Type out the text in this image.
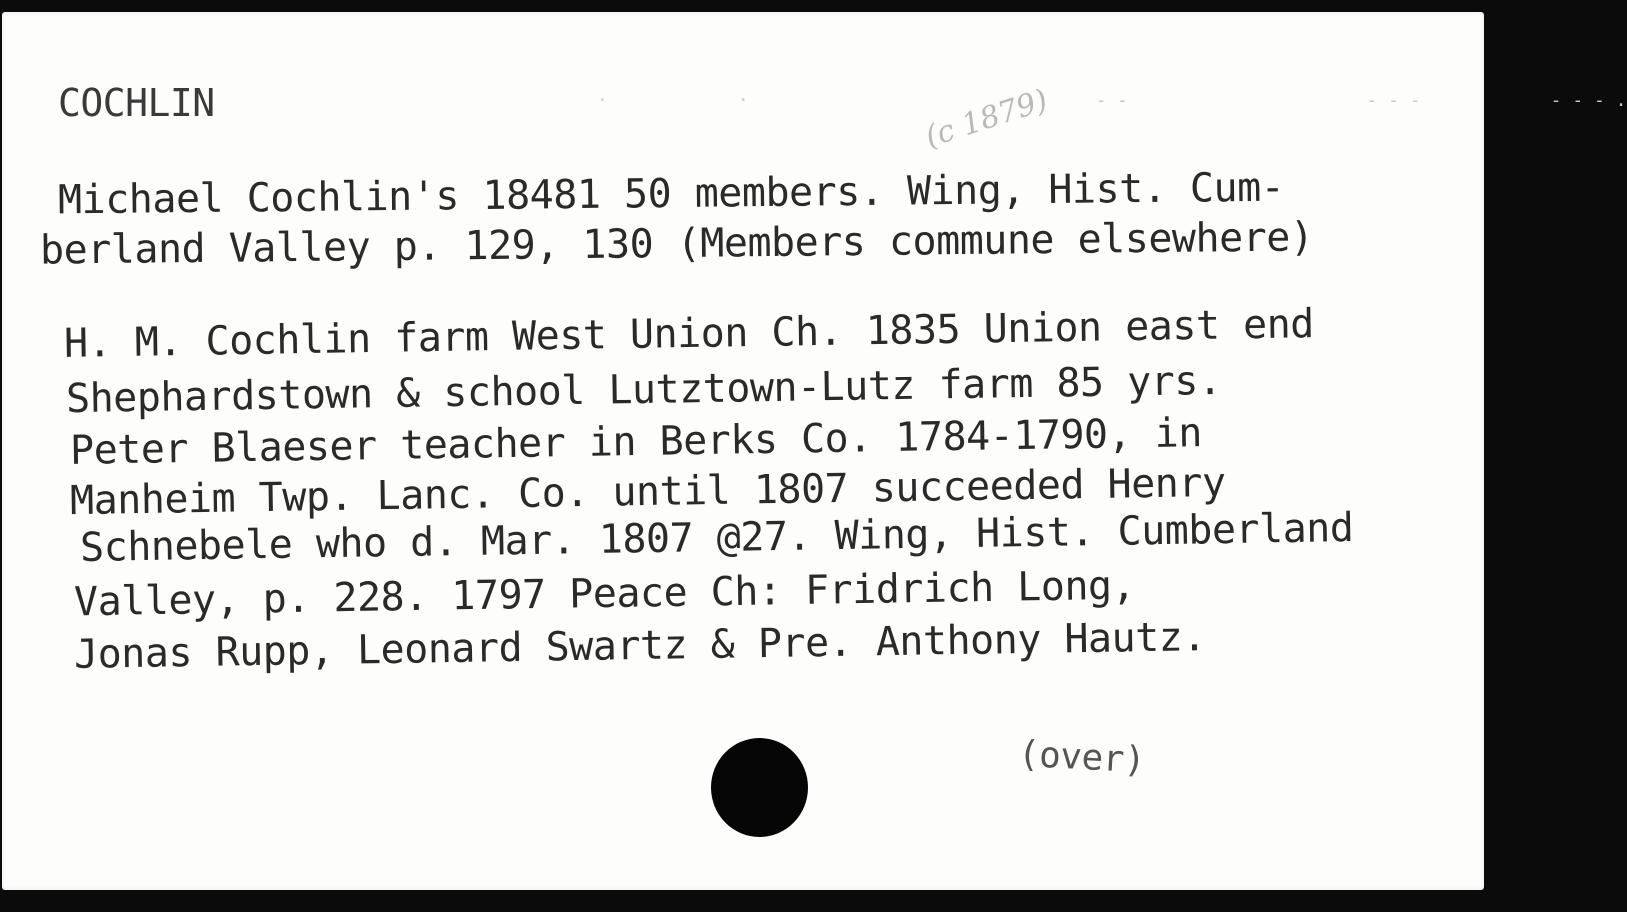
COCHLIN	·            ·                                - -                      - - -            - - - .
(c 1879)
Michael Cochlin's 18481 50 members. Wing, Hist. Cum-
berland Valley p. 129, 130 (Members commune elsewhere)
H. M. Cochlin farm West Union Ch. 1835 Union east end
Shephardstown & school Lutztown-Lutz farm 85 yrs.
Peter Blaeser teacher in Berks Co. 1784-1790, in
Manheim Twp. Lanc. Co. until 1807 succeeded Henry
Schnebele who d. Mar. 1807 @27. Wing, Hist. Cumberland
Valley, p. 228. 1797 Peace Ch: Fridrich Long,
Jonas Rupp, Leonard Swartz & Pre. Anthony Hautz.
(over)
